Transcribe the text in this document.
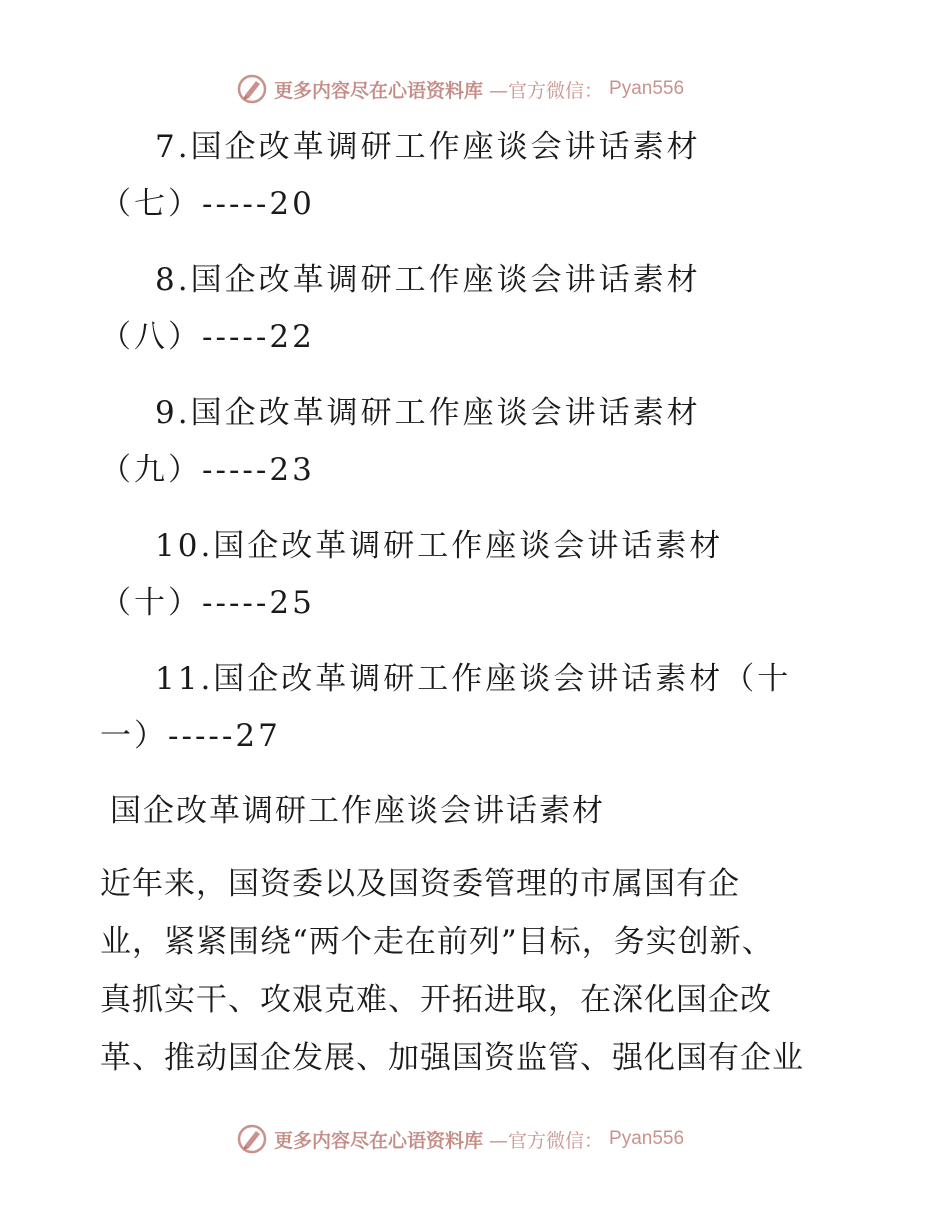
更多内容尽在心语资料库 —官方微信： Pyan556
7.国企改革调研工作座谈会讲话素材
（七）-----20
8.国企改革调研工作座谈会讲话素材
（八）-----22
9.国企改革调研工作座谈会讲话素材
（九）-----23
10.国企改革调研工作座谈会讲话素材
（十）-----25
11.国企改革调研工作座谈会讲话素材（十
一）-----27
国企改革调研工作座谈会讲话素材
近年来，国资委以及国资委管理的市属国有企
业，紧紧围绕“两个走在前列”目标，务实创新、
真抓实干、攻艰克难、开拓进取，在深化国企改
革、推动国企发展、加强国资监管、强化国有企业
更多内容尽在心语资料库 —官方微信： Pyan556
